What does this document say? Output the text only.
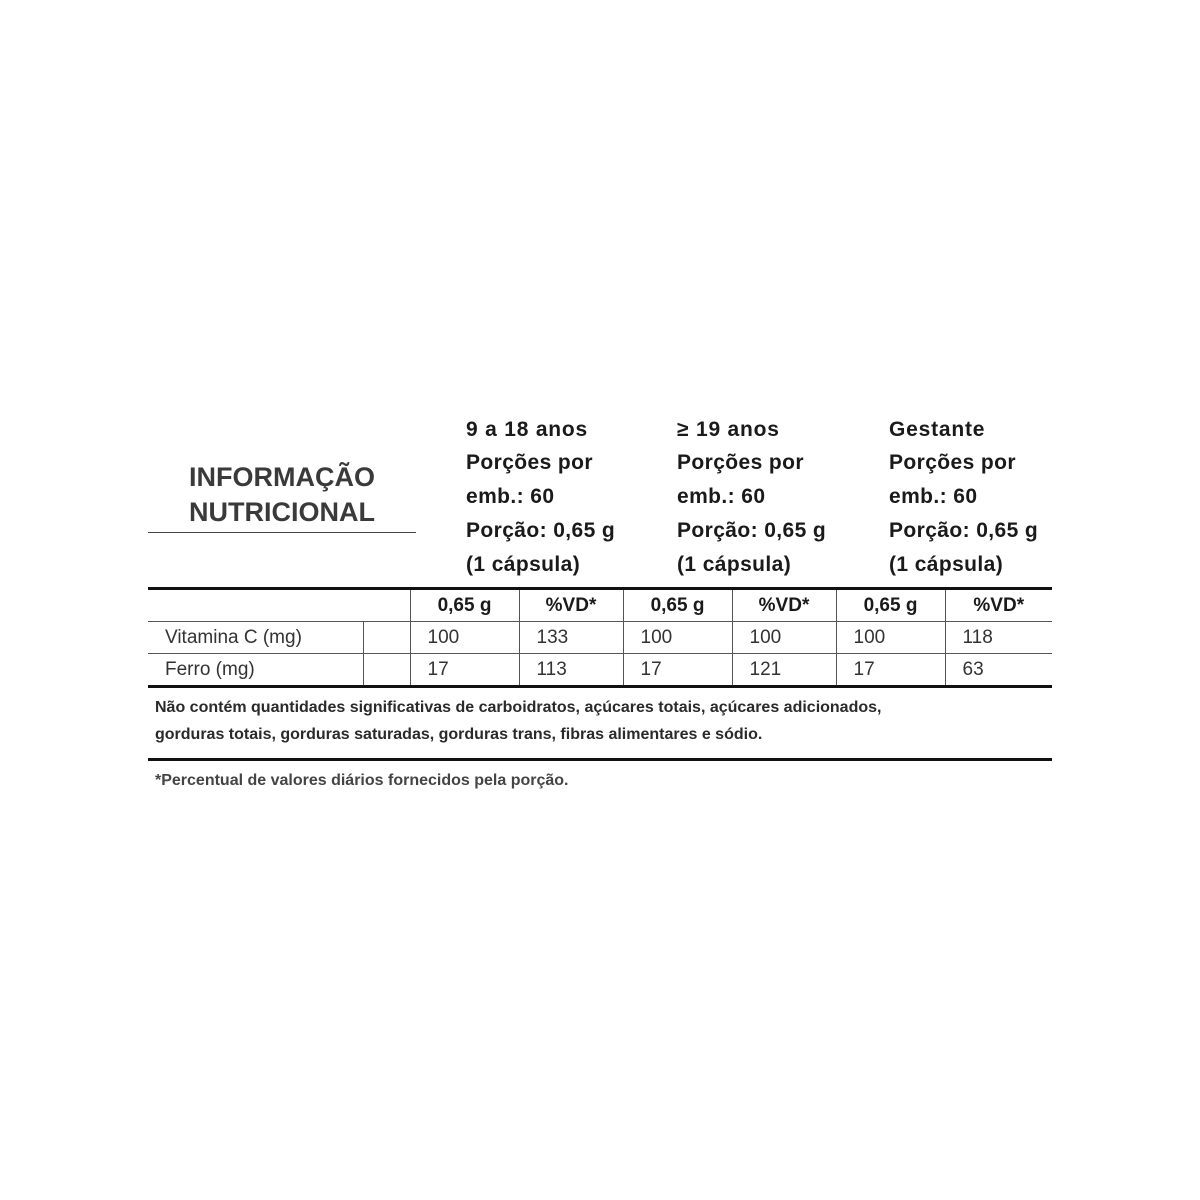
INFORMAÇÃO
NUTRICIONAL
9 a 18 anos
Porções por
emb.: 60
Porção: 0,65 g
(1 cápsula)
≥ 19 anos
Porções por
emb.: 60
Porção: 0,65 g
(1 cápsula)
Gestante
Porções por
emb.: 60
Porção: 0,65 g
(1 cápsula)
		0,65 g	%VD*	0,65 g	%VD*	0,65 g	%VD*
Vitamina C (mg)		100	133	100	100	100	118
Ferro (mg)		17	113	17	121	17	63
Não contém quantidades significativas de carboidratos, açúcares totais, açúcares adicionados,
gorduras totais, gorduras saturadas, gorduras trans, fibras alimentares e sódio.
*Percentual de valores diários fornecidos pela porção.
